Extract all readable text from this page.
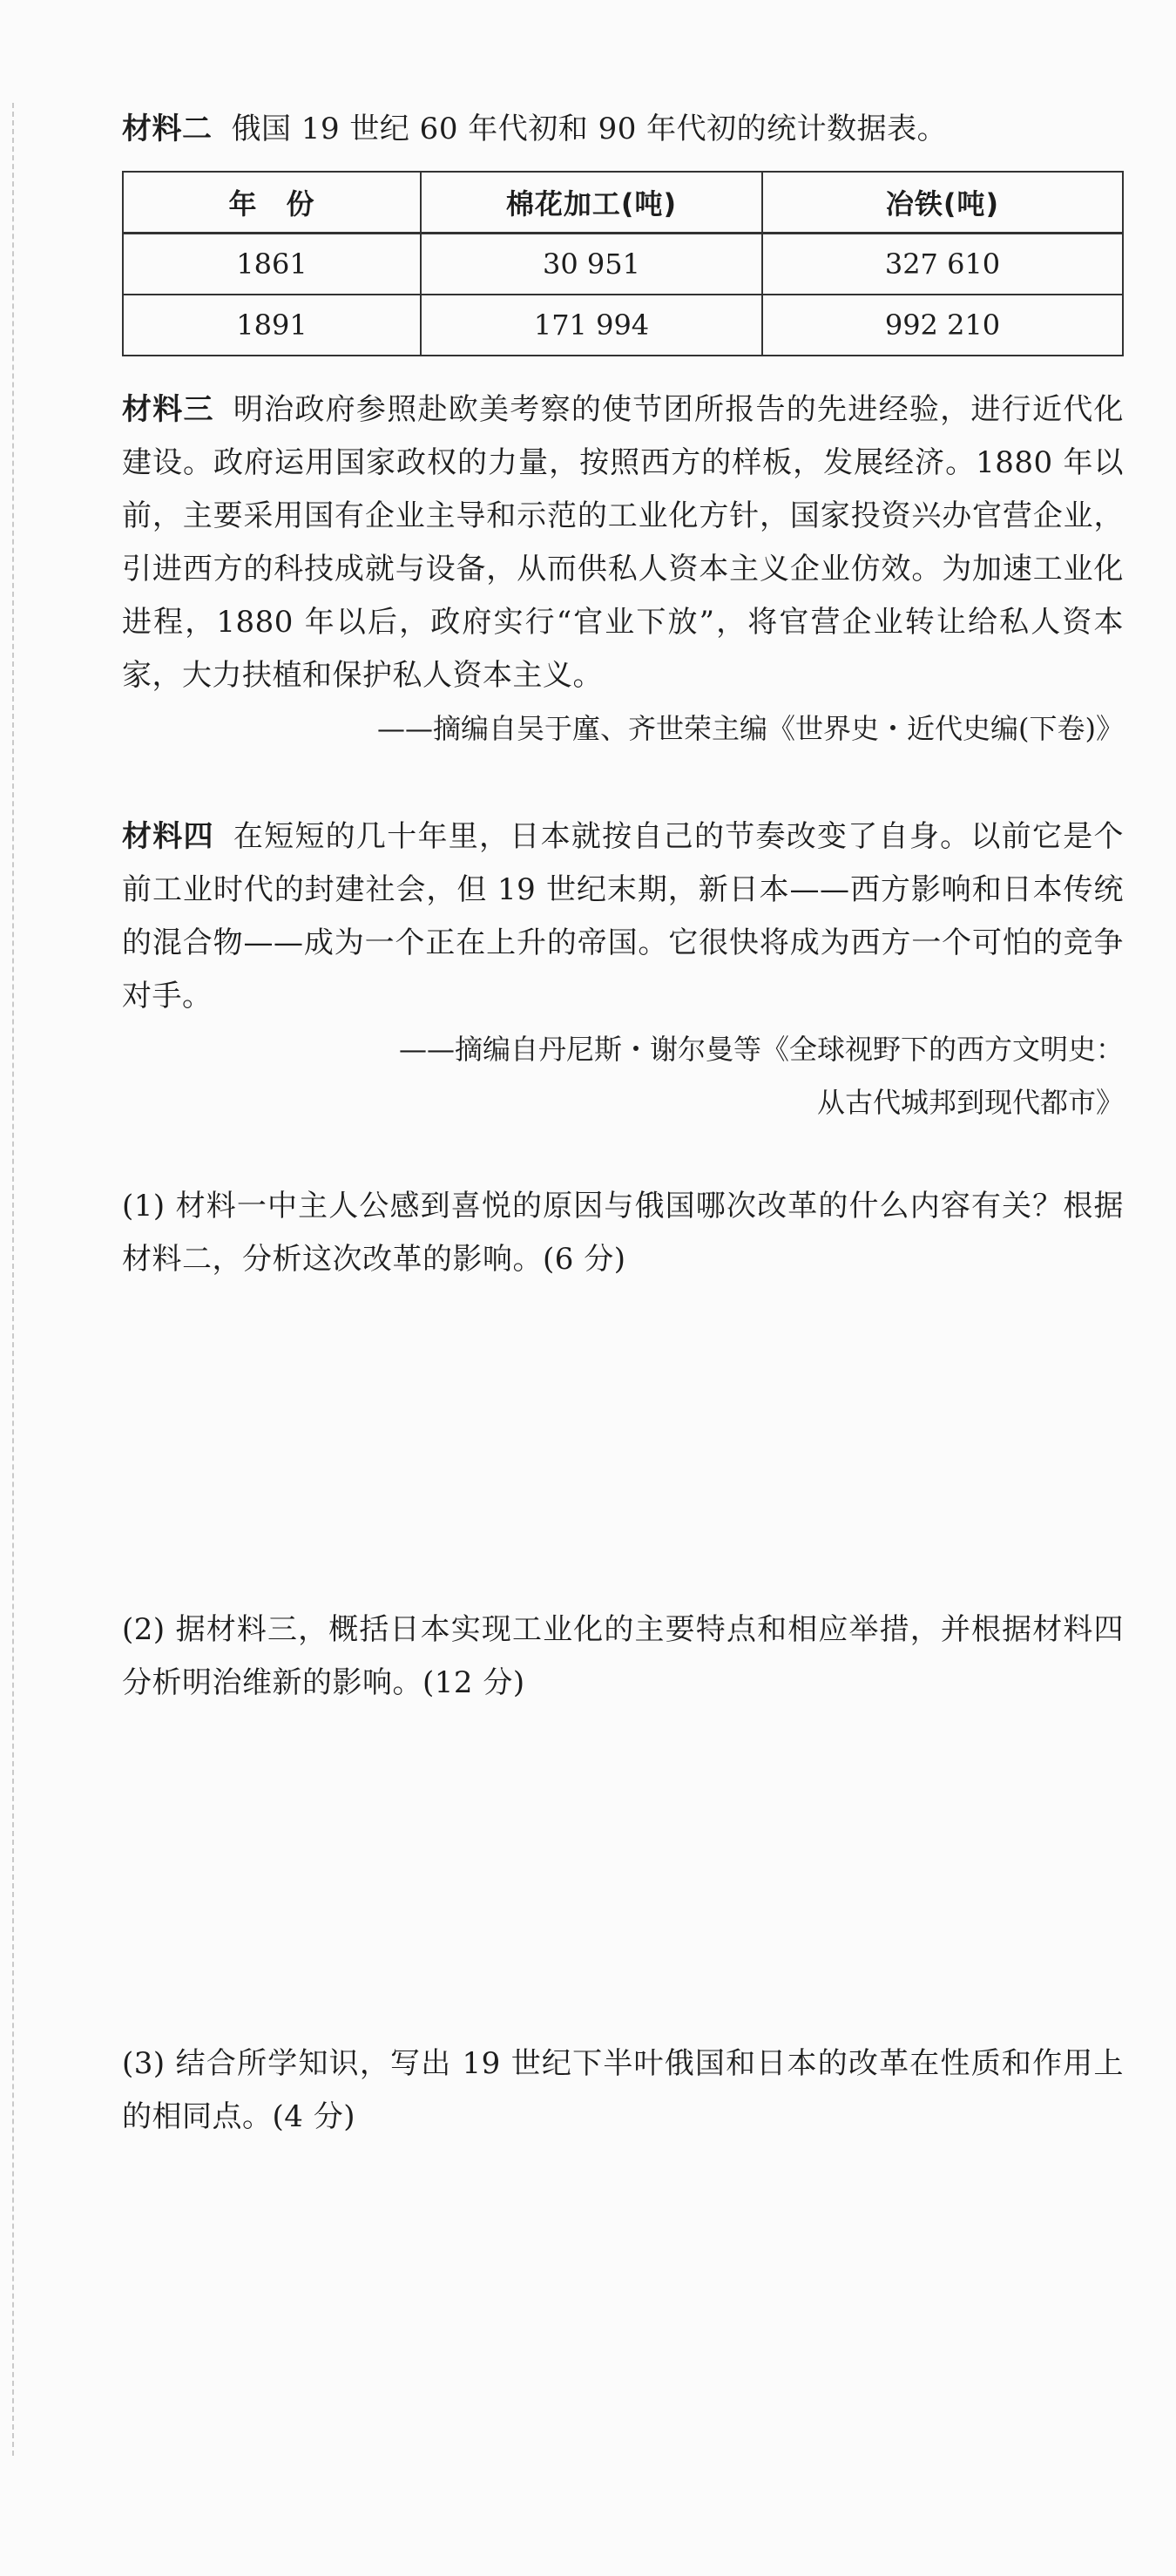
材料二 俄国 19 世纪 60 年代初和 90 年代初的统计数据表。

年　份	棉花加工(吨)	冶铁(吨)
1861	30 951	327 610
1891	171 994	992 210

材料三 明治政府参照赴欧美考察的使节团所报告的先进经验，进行近代化建设。政府运用国家政权的力量，按照西方的样板，发展经济。1880 年以前，主要采用国有企业主导和示范的工业化方针，国家投资兴办官营企业，引进西方的科技成就与设备，从而供私人资本主义企业仿效。为加速工业化进程，1880 年以后，政府实行“官业下放”，将官营企业转让给私人资本家，大力扶植和保护私人资本主义。

——摘编自吴于廑、齐世荣主编《世界史・近代史编(下卷)》

材料四 在短短的几十年里，日本就按自己的节奏改变了自身。以前它是个前工业时代的封建社会，但 19 世纪末期，新日本——西方影响和日本传统的混合物——成为一个正在上升的帝国。它很快将成为西方一个可怕的竞争对手。

——摘编自丹尼斯・谢尔曼等《全球视野下的西方文明史：

从古代城邦到现代都市》

(1) 材料一中主人公感到喜悦的原因与俄国哪次改革的什么内容有关？根据材料二，分析这次改革的影响。(6 分)

(2) 据材料三，概括日本实现工业化的主要特点和相应举措，并根据材料四分析明治维新的影响。(12 分)

(3) 结合所学知识，写出 19 世纪下半叶俄国和日本的改革在性质和作用上的相同点。(4 分)
